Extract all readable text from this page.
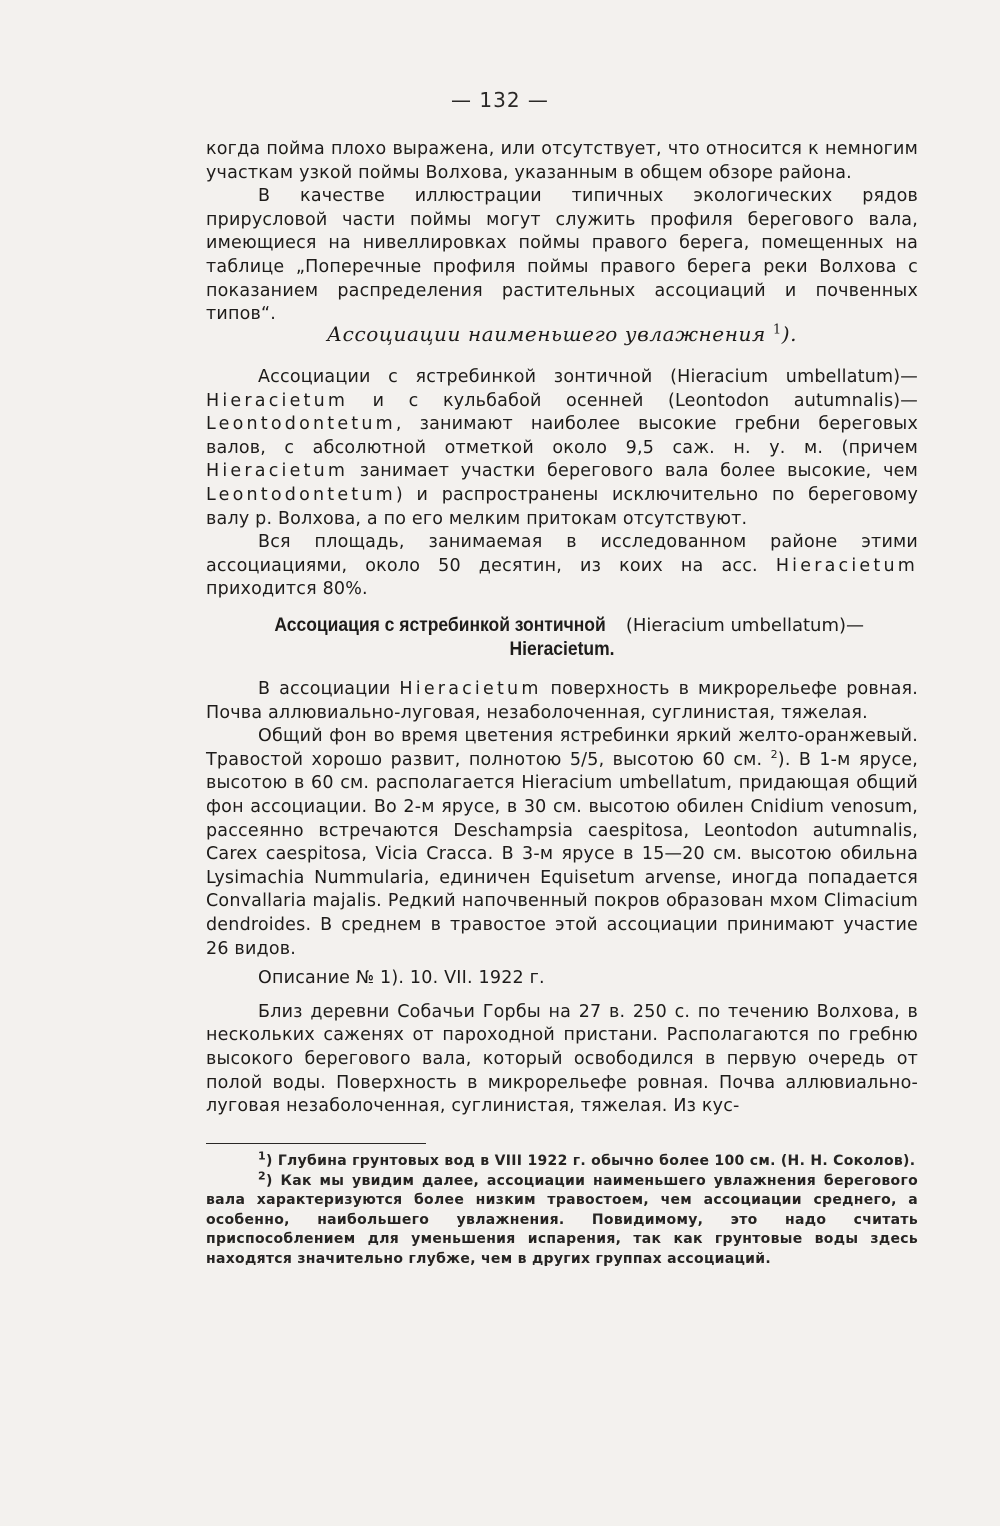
— 132 —

когда пойма плохо выражена, или отсутствует, что относится к немногим

участкам узкой поймы Волхова, указанным в общем обзоре района.

В качестве иллюстрации типичных экологических рядов прирусловой части поймы могут служить профиля берегового вала, имеющиеся на нивеллировках поймы правого берега, помещенных на таблице „Поперечные профиля поймы правого берега реки Волхова с показанием распределения растительных ассоциаций и почвенных типов“.

Ассоциации наименьшего увлажнения $^1$).

Ассоциации с ястребинкой зонтичной (Hieracium umbellatum)— Hieracietum и с кульбабой осенней (Leontodon autumnalis)— Leontodontetum, занимают наиболее высокие гребни береговых валов, с абсолютной отметкой около 9,5 саж. н. у. м. (причем Hieracietum занимает участки берегового вала более высокие, чем Leontodontetum) и распространены исключительно по береговому валу р. Волхова, а по его мелким притокам отсутствуют.

Вся площадь, занимаемая в исследованном районе этими ассоциациями, около 50 десятин, из коих на асс. Hieracietum приходится 80%.

Ассоциация с ястребинкой зонтичной (Hieracium umbellatum)—
Hieracietum.

В ассоциации Hieracietum поверхность в микрорельефе ровная. Почва аллювиально-луговая, незаболоченная, суглинистая, тяжелая.

Общий фон во время цветения ястребинки яркий желто-оранжевый. Травостой хорошо развит, полнотою 5/5, высотою 60 см. $^2$). В 1-м ярусе, высотою в 60 см. располагается Hieracium umbellatum, придающая общий фон ассоциации. Во 2-м ярусе, в 30 см. высотою обилен Cnidium venosum, рассеянно встречаются Deschampsia caespitosa, Leontodon autumnalis, Carex caespitosa, Vicia Cracca. В 3-м ярусе в 15—20 см. высотою обильна Lysimachia Nummularia, единичен Equisetum arvense, иногда попадается Convallaria majalis. Редкий напочвенный покров образован мхом Climacium dendroides. В среднем в травостое этой ассоциации принимают участие 26 видов.

Описание № 1). 10. VII. 1922 г.

Близ деревни Собачьи Горбы на 27 в. 250 с. по течению Волхова, в нескольких саженях от пароходной пристани. Располагаются по гребню высокого берегового вала, который освободился в первую очередь от полой воды. Поверхность в микрорельефе ровная. Почва аллювиально-луговая незаболоченная, суглинистая, тяжелая. Из кус-

$^1$) Глубина грунтовых вод в VIII 1922 г. обычно более 100 см. (Н. Н. Соколов).

$^2$) Как мы увидим далее, ассоциации наименьшего увлажнения берегового вала характеризуются более низким травостоем, чем ассоциации среднего, а особенно, наибольшего увлажнения. Повидимому, это надо считать приспособлением для уменьшения испарения, так как грунтовые воды здесь находятся значительно глубже, чем в других группах ассоциаций.
